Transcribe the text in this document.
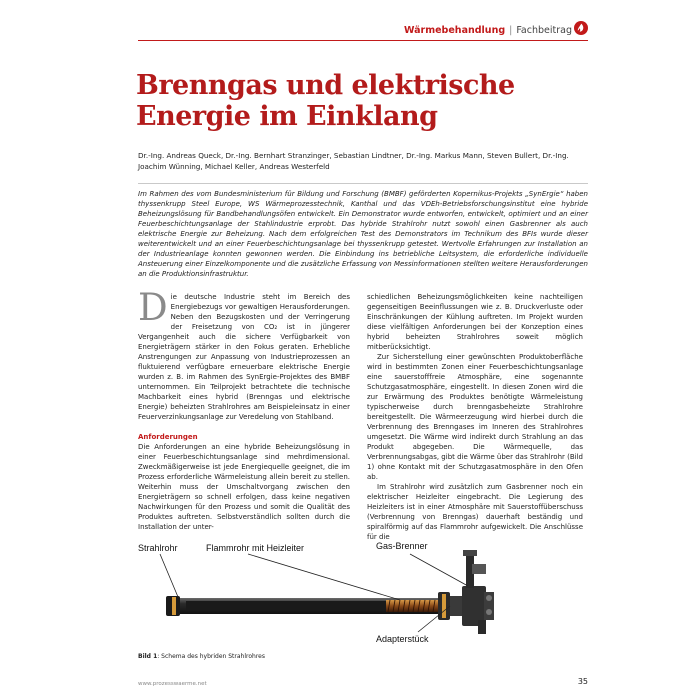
Wärmebehandlung | Fachbeitrag
Brenngas und elektrische
Energie im Einklang
Dr.-Ing. Andreas Queck, Dr.-Ing. Bernhart Stranzinger, Sebastian Lindtner, Dr.-Ing. Markus Mann, Steven Bullert, Dr.-Ing. Joachim Wünning, Michael Keller, Andreas Westerfeld

Im Rahmen des vom Bundesministerium für Bildung und Forschung (BMBF) geförderten Kopernikus-Projekts „SynErgie“ haben thyssenkrupp Steel Europe, WS Wärmeprozesstechnik, Kanthal und das VDEh-Betriebsforschungsinstitut eine hybride Beheizungslösung für Bandbehandlungsöfen entwickelt. Ein Demonstrator wurde entworfen, entwickelt, optimiert und an einer Feuerbeschichtungsanlage der Stahlindustrie erprobt. Das hybride Strahlrohr nutzt sowohl einen Gasbrenner als auch elektrische Energie zur Beheizung. Nach dem erfolgreichen Test des Demonstrators im Technikum des BFIs wurde dieser weiterentwickelt und an einer Feuerbeschichtungsanlage bei thyssenkrupp getestet. Wertvolle Erfahrungen zur Installation an der Industrieanlage konnten gewonnen werden. Die Einbindung ins betriebliche Leitsystem, die erforderliche individuelle Ansteuerung einer Einzelkomponente und die zusätzliche Erfassung von Messinformationen stellten weitere Herausforderungen an die Produktionsinfrastruktur.

Die deutsche Industrie steht im Bereich des Energiebezugs vor gewaltigen Herausforderungen. Neben den Bezugskosten und der Verringerung der Freisetzung von CO₂ ist in jüngerer Vergangenheit auch die sichere Verfügbarkeit von Energieträgern stärker in den Fokus geraten. Erhebliche Anstrengungen zur Anpassung von Industrieprozessen an fluktuierend verfügbare erneuerbare elektrische Energie wurden z. B. im Rahmen des SynErgie-Projektes des BMBF unternommen. Ein Teilprojekt betrachtete die technische Machbarkeit eines hybrid (Brenngas und elektrische Energie) beheizten Strahlrohres am Beispieleinsatz in einer Feuerverzinkungsanlage zur Veredelung von Stahlband.

Anforderungen

Die Anforderungen an eine hybride Beheizungslösung in einer Feuerbeschichtungsanlage sind mehrdimensional. Zweckmäßigerweise ist jede Energiequelle geeignet, die im Prozess erforderliche Wärmeleistung allein bereit zu stellen. Weiterhin muss der Umschaltvorgang zwischen den Energieträgern so schnell erfolgen, dass keine negativen Nachwirkungen für den Prozess und somit die Qualität des Produktes auftreten. Selbstverständlich sollten durch die Installation der unter-

schiedlichen Beheizungsmöglichkeiten keine nachteiligen gegenseitigen Beeinflussungen wie z. B. Druckverluste oder Einschränkungen der Kühlung auftreten. Im Projekt wurden diese vielfältigen Anforderungen bei der Konzeption eines hybrid beheizten Strahlrohres soweit möglich mitberücksichtigt.

Zur Sicherstellung einer gewünschten Produktoberfläche wird in bestimmten Zonen einer Feuerbeschichtungsanlage eine sauerstofffreie Atmosphäre, eine sogenannte Schutzgasatmosphäre, eingestellt. In diesen Zonen wird die zur Erwärmung des Produktes benötigte Wärmeleistung typischerweise durch brenngasbeheizte Strahlrohre bereitgestellt. Die Wärmeerzeugung wird hierbei durch die Verbrennung des Brenngases im Inneren des Strahlrohres umgesetzt. Die Wärme wird indirekt durch Strahlung an das Produkt abgegeben. Die Wärmequelle, das Verbrennungsabgas, gibt die Wärme über das Strahlrohr (Bild 1) ohne Kontakt mit der Schutzgasatmosphäre in den Ofen ab.

Im Strahlrohr wird zusätzlich zum Gasbrenner noch ein elektrischer Heizleiter eingebracht. Die Legierung des Heizleiters ist in einer Atmosphäre mit Sauerstoffüberschuss (Verbrennung von Brenngas) dauerhaft beständig und spiralförmig auf das Flammrohr aufgewickelt. Die Anschlüsse für die

Strahlrohr	Flammrohr mit Heizleiter	Gas-Brenner
Adapterstück
Bild 1: Schema des hybriden Strahlrohres
www.prozesswaerme.net	35
